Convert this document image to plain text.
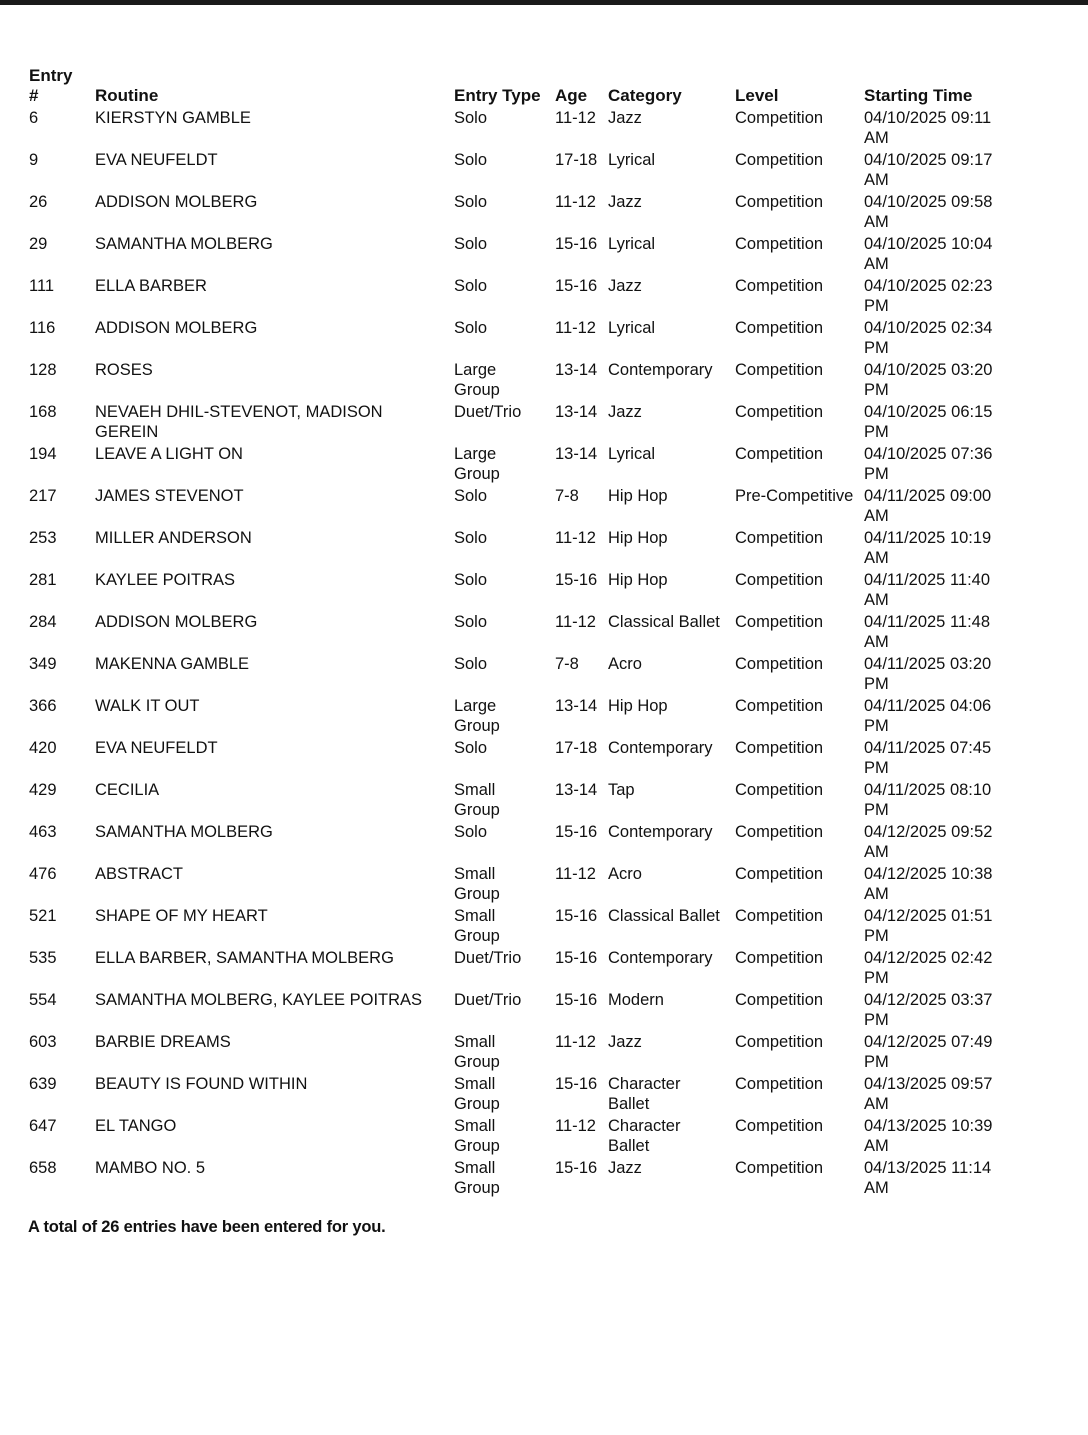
Entry #	Routine	Entry Type	Age	Category	Level	Starting Time
6	KIERSTYN GAMBLE	Solo	11-12	Jazz	Competition	04/10/2025 09:11 AM
9	EVA NEUFELDT	Solo	17-18	Lyrical	Competition	04/10/2025 09:17 AM
26	ADDISON MOLBERG	Solo	11-12	Jazz	Competition	04/10/2025 09:58 AM
29	SAMANTHA MOLBERG	Solo	15-16	Lyrical	Competition	04/10/2025 10:04 AM
111	ELLA BARBER	Solo	15-16	Jazz	Competition	04/10/2025 02:23 PM
116	ADDISON MOLBERG	Solo	11-12	Lyrical	Competition	04/10/2025 02:34 PM
128	ROSES	Large Group	13-14	Contemporary	Competition	04/10/2025 03:20 PM
168	NEVAEH DHIL-STEVENOT, MADISON GEREIN	Duet/Trio	13-14	Jazz	Competition	04/10/2025 06:15 PM
194	LEAVE A LIGHT ON	Large Group	13-14	Lyrical	Competition	04/10/2025 07:36 PM
217	JAMES STEVENOT	Solo	7-8	Hip Hop	Pre-Competitive	04/11/2025 09:00 AM
253	MILLER ANDERSON	Solo	11-12	Hip Hop	Competition	04/11/2025 10:19 AM
281	KAYLEE POITRAS	Solo	15-16	Hip Hop	Competition	04/11/2025 11:40 AM
284	ADDISON MOLBERG	Solo	11-12	Classical Ballet	Competition	04/11/2025 11:48 AM
349	MAKENNA GAMBLE	Solo	7-8	Acro	Competition	04/11/2025 03:20 PM
366	WALK IT OUT	Large Group	13-14	Hip Hop	Competition	04/11/2025 04:06 PM
420	EVA NEUFELDT	Solo	17-18	Contemporary	Competition	04/11/2025 07:45 PM
429	CECILIA	Small Group	13-14	Tap	Competition	04/11/2025 08:10 PM
463	SAMANTHA MOLBERG	Solo	15-16	Contemporary	Competition	04/12/2025 09:52 AM
476	ABSTRACT	Small Group	11-12	Acro	Competition	04/12/2025 10:38 AM
521	SHAPE OF MY HEART	Small Group	15-16	Classical Ballet	Competition	04/12/2025 01:51 PM
535	ELLA BARBER, SAMANTHA MOLBERG	Duet/Trio	15-16	Contemporary	Competition	04/12/2025 02:42 PM
554	SAMANTHA MOLBERG, KAYLEE POITRAS	Duet/Trio	15-16	Modern	Competition	04/12/2025 03:37 PM
603	BARBIE DREAMS	Small Group	11-12	Jazz	Competition	04/12/2025 07:49 PM
639	BEAUTY IS FOUND WITHIN	Small Group	15-16	Character Ballet	Competition	04/13/2025 09:57 AM
647	EL TANGO	Small Group	11-12	Character Ballet	Competition	04/13/2025 10:39 AM
658	MAMBO NO. 5	Small Group	15-16	Jazz	Competition	04/13/2025 11:14 AM
A total of 26 entries have been entered for you.
